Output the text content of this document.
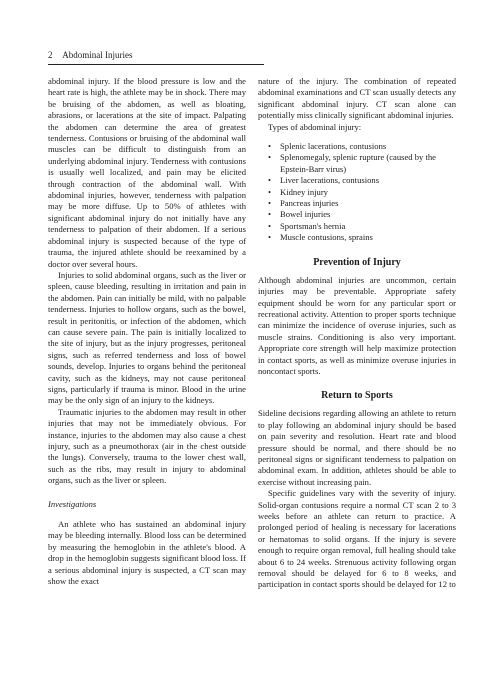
2 Abdominal Injuries

abdominal injury. If the blood pressure is low and the heart rate is high, the athlete may be in shock. There may be bruising of the abdomen, as well as bloating, abrasions, or lacerations at the site of impact. Palpating the abdomen can determine the area of greatest tenderness. Contusions or bruising of the abdominal wall muscles can be difficult to distinguish from an underlying abdominal injury. Tenderness with contusions is usually well localized, and pain may be elicited through contraction of the abdominal wall. With abdominal injuries, however, tenderness with palpation may be more diffuse. Up to 50% of athletes with significant abdominal injury do not initially have any tenderness to palpation of their abdomen. If a serious abdominal injury is suspected because of the type of trauma, the injured athlete should be reexamined by a doctor over several hours.

Injuries to solid abdominal organs, such as the liver or spleen, cause bleeding, resulting in irritation and pain in the abdomen. Pain can initially be mild, with no palpable tenderness. Injuries to hollow organs, such as the bowel, result in peritonitis, or infection of the abdomen, which can cause severe pain. The pain is initially localized to the site of injury, but as the injury progresses, peritoneal signs, such as referred tenderness and loss of bowel sounds, develop. Injuries to organs behind the peritoneal cavity, such as the kidneys, may not cause peritoneal signs, particularly if trauma is minor. Blood in the urine may be the only sign of an injury to the kidneys.

Traumatic injuries to the abdomen may result in other injuries that may not be immediately obvious. For instance, injuries to the abdomen may also cause a chest injury, such as a pneumothorax (air in the chest outside the lungs). Conversely, trauma to the lower chest wall, such as the ribs, may result in injury to abdominal organs, such as the liver or spleen.

Investigations

An athlete who has sustained an abdominal injury may be bleeding internally. Blood loss can be determined by measuring the hemoglobin in the athlete's blood. A drop in the hemoglobin suggests significant blood loss. If a serious abdominal injury is suspected, a CT scan may show the exact

nature of the injury. The combination of repeated abdominal examinations and CT scan usually detects any significant abdominal injury. CT scan alone can potentially miss clinically significant abdominal injuries.

Types of abdominal injury:

• Splenic lacerations, contusions
• Splenomegaly, splenic rupture (caused by the Epstein-Barr virus)
• Liver lacerations, contusions
• Kidney injury
• Pancreas injuries
• Bowel injuries
• Sportsman's hernia
• Muscle contusions, sprains
Prevention of Injury

Although abdominal injuries are uncommon, certain injuries may be preventable. Appropriate safety equipment should be worn for any particular sport or recreational activity. Attention to proper sports technique can minimize the incidence of overuse injuries, such as muscle strains. Conditioning is also very important. Appropriate core strength will help maximize protection in contact sports, as well as minimize overuse injuries in noncontact sports.

Return to Sports

Sideline decisions regarding allowing an athlete to return to play following an abdominal injury should be based on pain severity and resolution. Heart rate and blood pressure should be normal, and there should be no peritoneal signs or significant tenderness to palpation on abdominal exam. In addition, athletes should be able to exercise without increasing pain.

Specific guidelines vary with the severity of injury. Solid-organ contusions require a normal CT scan 2 to 3 weeks before an athlete can return to practice. A prolonged period of healing is necessary for lacerations or hematomas to solid organs. If the injury is severe enough to require organ removal, full healing should take about 6 to 24 weeks. Strenuous activity following organ removal should be delayed for 6 to 8 weeks, and participation in contact sports should be delayed for 12 to
